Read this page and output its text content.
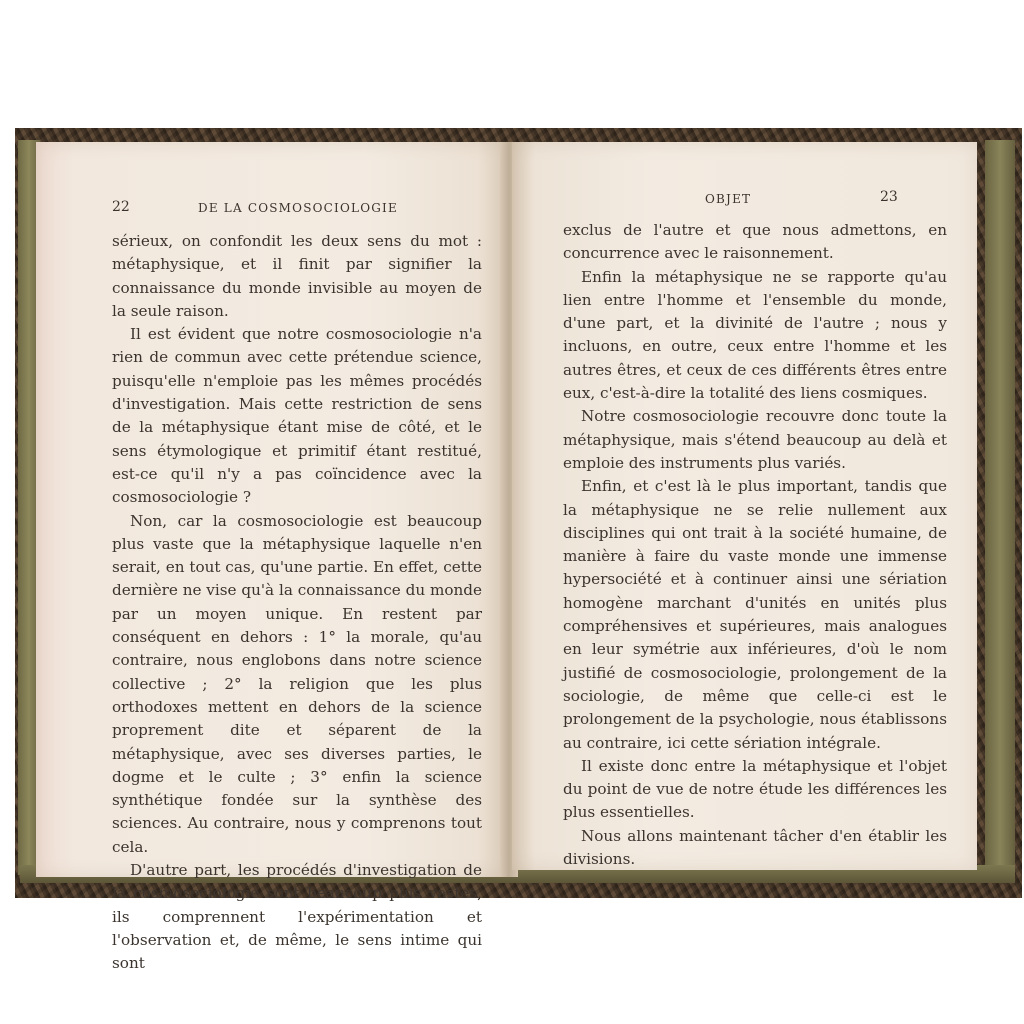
22	DE LA COSMOSOCIOLOGIE

sérieux, on confondit les deux sens du mot : métaphysique, et il finit par signifier la connaissance du monde invisible au moyen de la seule raison.

Il est évident que notre cosmosociologie n'a rien de commun avec cette prétendue science, puisqu'elle n'emploie pas les mêmes procédés d'investigation. Mais cette restriction de sens de la métaphysique étant mise de côté, et le sens étymologique et primitif étant restitué, est-ce qu'il n'y a pas coïncidence avec la cosmosociologie ?

Non, car la cosmosociologie est beaucoup plus vaste que la métaphysique laquelle n'en serait, en tout cas, qu'une partie. En effet, cette dernière ne vise qu'à la connaissance du monde par un moyen unique. En restent par conséquent en dehors : 1° la morale, qu'au contraire, nous englobons dans notre science collective ; 2° la religion que les plus orthodoxes mettent en dehors de la science proprement dite et séparent de la métaphysique, avec ses diverses parties, le dogme et le culte ; 3° enfin la science synthétique fondée sur la synthèse des sciences. Au contraire, nous y comprenons tout cela.

D'autre part, les procédés d'investigation de la cosmosociologie sont beaucoup plus vastes, ils comprennent l'expérimentation et l'observation et, de même, le sens intime qui sont

OBJET	23

exclus de l'autre et que nous admettons, en concurrence avec le raisonnement.

Enfin la métaphysique ne se rapporte qu'au lien entre l'homme et l'ensemble du monde, d'une part, et la divinité de l'autre ; nous y incluons, en outre, ceux entre l'homme et les autres êtres, et ceux de ces différents êtres entre eux, c'est-à-dire la totalité des liens cosmiques.

Notre cosmosociologie recouvre donc toute la métaphysique, mais s'étend beaucoup au delà et emploie des instruments plus variés.

Enfin, et c'est là le plus important, tandis que la métaphysique ne se relie nullement aux disciplines qui ont trait à la société humaine, de manière à faire du vaste monde une immense hypersociété et à continuer ainsi une sériation homogène marchant d'unités en unités plus compréhensives et supérieures, mais analogues en leur symétrie aux inférieures, d'où le nom justifié de cosmosociologie, prolongement de la sociologie, de même que celle-ci est le prolongement de la psychologie, nous établissons au contraire, ici cette sériation intégrale.

Il existe donc entre la métaphysique et l'objet du point de vue de notre étude les différences les plus essentielles.

Nous allons maintenant tâcher d'en établir les divisions.
